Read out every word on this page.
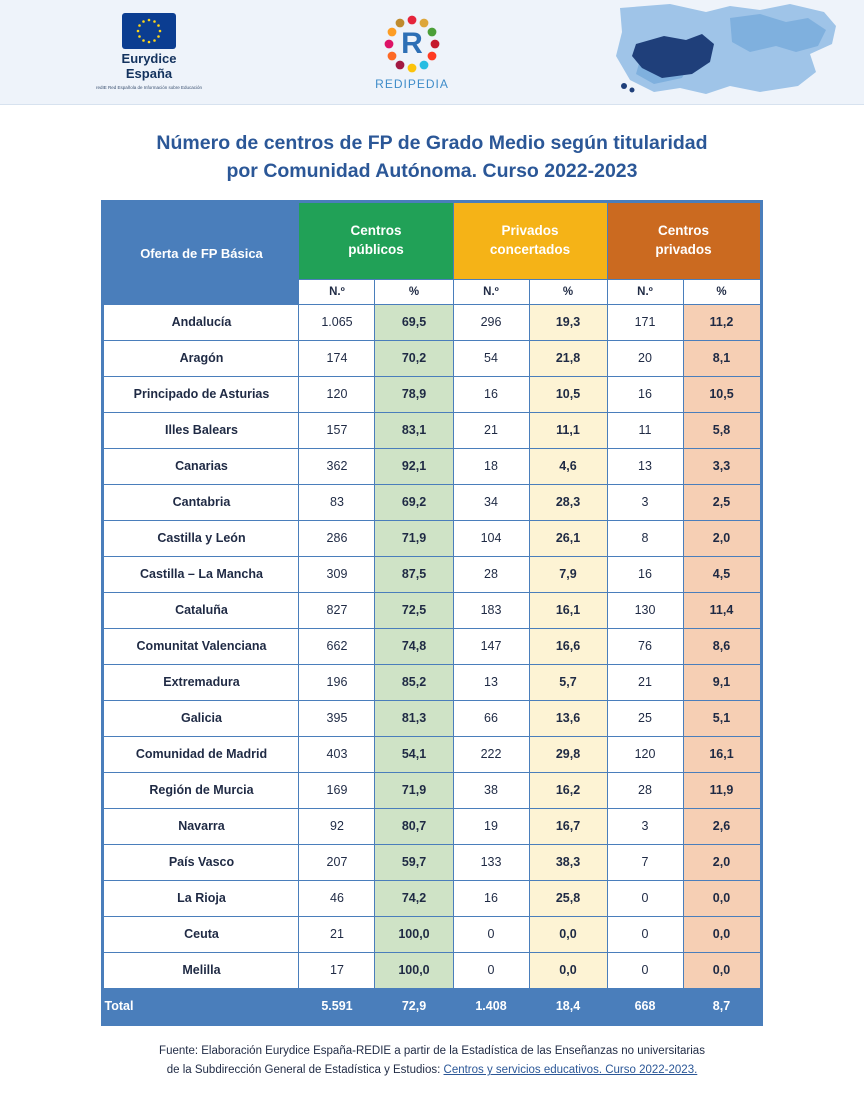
Eurydice
España
redIE Red Española de Información sobre Educación
R
REDIPEDIA
Número de centros de FP de Grado Medio según titularidad
por Comunidad Autónoma. Curso 2022-2023
Oferta de FP Básica	
Centros
públicos

Privados
concertados

Centros
privados

	N.º	%	N.º	%	N.º	%
Andalucía	1.065	69,5	296	19,3	171	11,2
Aragón	174	70,2	54	21,8	20	8,1
Principado de Asturias	120	78,9	16	10,5	16	10,5
Illes Balears	157	83,1	21	11,1	11	5,8
Canarias	362	92,1	18	4,6	13	3,3
Cantabria	83	69,2	34	28,3	3	2,5
Castilla y León	286	71,9	104	26,1	8	2,0
Castilla – La Mancha	309	87,5	28	7,9	16	4,5
Cataluña	827	72,5	183	16,1	130	11,4
Comunitat Valenciana	662	74,8	147	16,6	76	8,6
Extremadura	196	85,2	13	5,7	21	9,1
Galicia	395	81,3	66	13,6	25	5,1
Comunidad de Madrid	403	54,1	222	29,8	120	16,1
Región de Murcia	169	71,9	38	16,2	28	11,9
Navarra	92	80,7	19	16,7	3	2,6
País Vasco	207	59,7	133	38,3	7	2,0
La Rioja	46	74,2	16	25,8	0	0,0
Ceuta	21	100,0	0	0,0	0	0,0
Melilla	17	100,0	0	0,0	0	0,0
Total	5.591	72,9	1.408	18,4	668	8,7
Fuente: Elaboración Eurydice España-REDIE a partir de la Estadística de las Enseñanzas no universitarias
de la Subdirección General de Estadística y Estudios: Centros y servicios educativos. Curso 2022-2023.
